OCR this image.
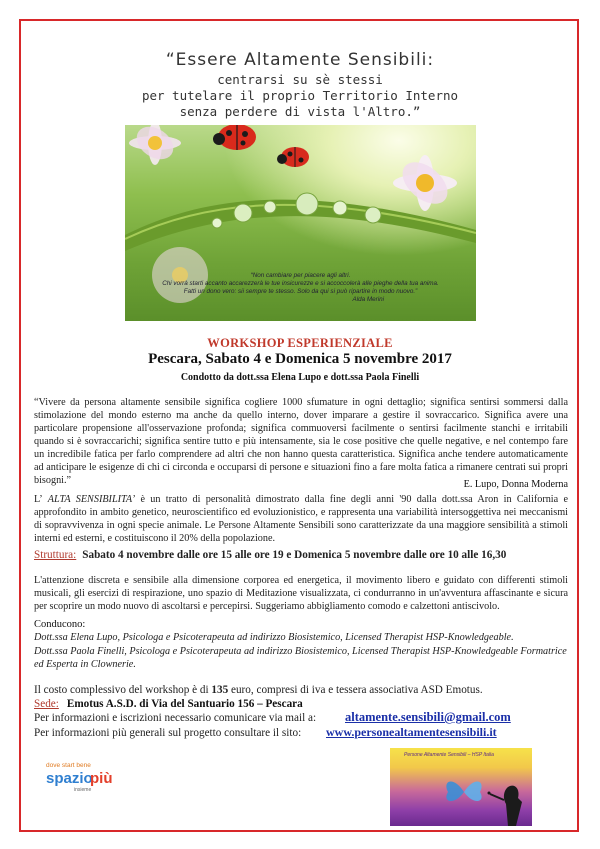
“Essere Altamente Sensibili:
centrarsi su sè stessi
per tutelare il proprio Territorio Interno
senza perdere di vista l'Altro.”
“Non cambiare per piacere agli altri.
Chi vorrà starti accanto accarezzerà le tue insicurezze e si accoccolerà alle pieghe della tua anima.
Fatti un dono vero: sii sempre te stesso. Solo da qui si può ripartire in modo nuovo.”
Alda Merini
WORKSHOP ESPERIENZIALE
Pescara, Sabato 4 e Domenica 5 novembre 2017
Condotto da dott.ssa Elena Lupo e dott.ssa Paola Finelli
“Vivere da persona altamente sensibile significa cogliere 1000 sfumature in ogni dettaglio; significa sentirsi sommersi dalla stimolazione del mondo esterno ma anche da quello interno, dover imparare a gestire il sovraccarico. Significa avere una particolare propensione all'osservazione profonda; significa commuoversi facilmente o sentirsi facilmente stanchi e irritabili quando si è sovraccarichi; significa sentire tutto e più intensamente, sia le cose positive che quelle negative, e nel contempo fare un incredibile fatica per farlo comprendere ad altri che non hanno questa caratteristica. Significa anche tendere automaticamente ad anticipare le esigenze di chi ci circonda e occuparsi di persone e situazioni fino a fare molta fatica a rimanere centrati sui propri bisogni.”	E. Lupo, Donna Moderna
L’ ALTA SENSIBILITA’ è un tratto di personalità dimostrato dalla fine degli anni '90 dalla dott.ssa Aron in California e approfondito in ambito genetico, neuroscientifico ed evoluzionistico, e rappresenta una variabilità intersoggettiva nei meccanismi di sopravvivenza in ogni specie animale. Le Persone Altamente Sensibili sono caratterizzate da una maggiore sensibilità a stimoli interni ed esterni, e costituiscono il 20% della popolazione.
Struttura: Sabato 4 novembre dalle ore 15 alle ore 19 e Domenica 5 novembre dalle ore 10 alle 16,30
L'attenzione discreta e sensibile alla dimensione corporea ed energetica, il movimento libero e guidato con differenti stimoli musicali, gli esercizi di respirazione, uno spazio di Meditazione visualizzata, ci condurranno in un'avventura affascinante e sicura per scoprire un modo nuovo di ascoltarsi e percepirsi. Suggeriamo abbigliamento comodo e calzettoni antiscivolo.
Conducono:
Dott.ssa Elena Lupo, Psicologa e Psicoterapeuta ad indirizzo Biosistemico, Licensed Therapist HSP-Knowledgeable.
Dott.ssa Paola Finelli, Psicologa e Psicoterapeuta ad indirizzo Biosistemico, Licensed Therapist HSP-Knowledgeable Formatrice ed Esperta in Clownerie.
Il costo complessivo del workshop è di 135 euro, compresi di iva e tessera associativa ASD Emotus.
Sede: Emotus A.S.D. di Via del Santuario 156 – Pescara
Per informazioni e iscrizioni necessario comunicare via mail a: altamente.sensibili@gmail.com
Per informazioni più generali sul progetto consultare il sito: www.personealtamentesensibili.it
dove start bene
spazio
più
insieme
Persone Altamente Sensibili – HSP Italia
